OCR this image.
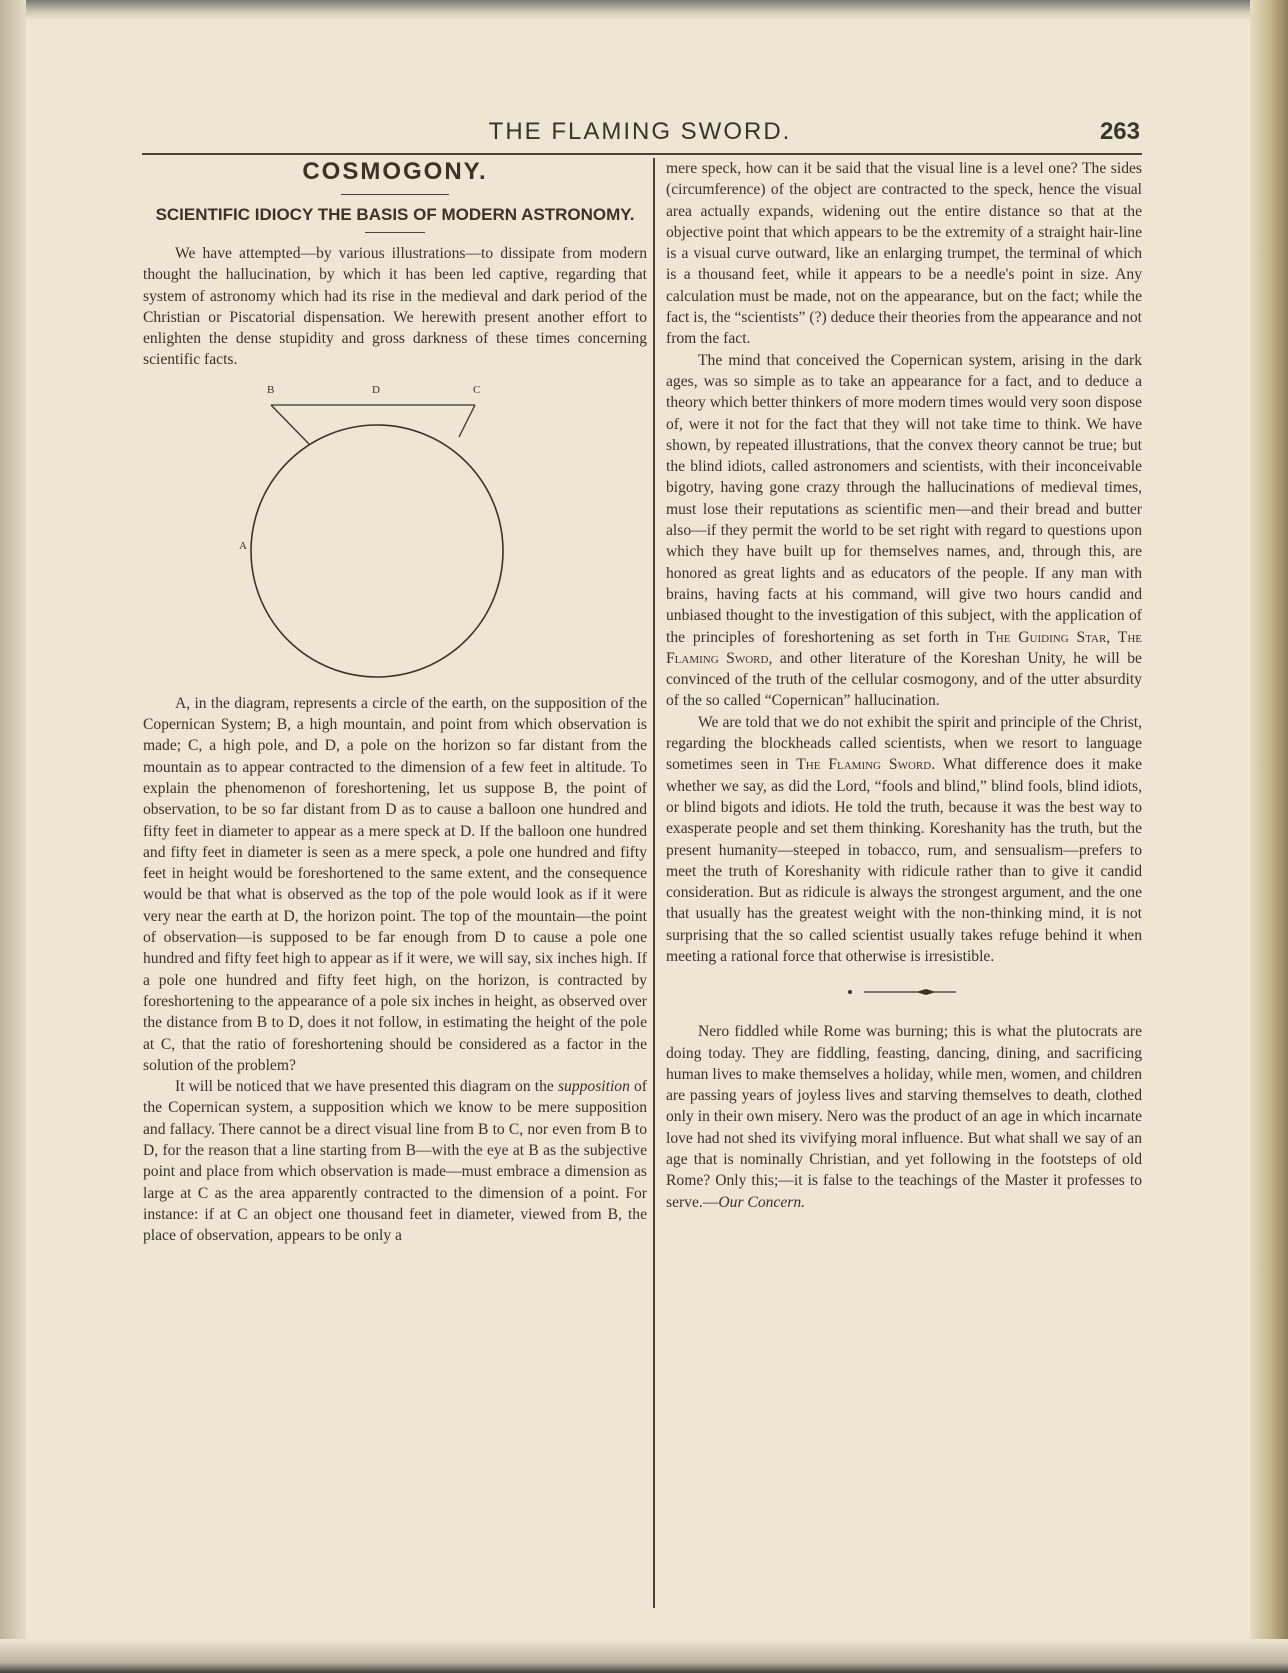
THE FLAMING SWORD.	263
COSMOGONY.
SCIENTIFIC IDIOCY THE BASIS OF MODERN ASTRONOMY.

We have attempted—by various illustrations—to dissipate from modern thought the hallucination, by which it has been led captive, regarding that system of astronomy which had its rise in the medieval and dark period of the Christian or Piscatorial dispensation. We herewith present another effort to enlighten the dense stupidity and gross darkness of these times concerning scientific facts.

B	D	C
A

A, in the diagram, represents a circle of the earth, on the supposition of the Copernican System; B, a high mountain, and point from which observation is made; C, a high pole, and D, a pole on the horizon so far distant from the mountain as to appear contracted to the dimension of a few feet in altitude. To explain the phenomenon of foreshortening, let us suppose B, the point of observation, to be so far distant from D as to cause a balloon one hundred and fifty feet in diameter to appear as a mere speck at D. If the balloon one hundred and fifty feet in diameter is seen as a mere speck, a pole one hundred and fifty feet in height would be foreshortened to the same extent, and the consequence would be that what is observed as the top of the pole would look as if it were very near the earth at D, the horizon point. The top of the mountain—the point of observation—is supposed to be far enough from D to cause a pole one hundred and fifty feet high to appear as if it were, we will say, six inches high. If a pole one hundred and fifty feet high, on the horizon, is contracted by foreshortening to the appearance of a pole six inches in height, as observed over the distance from B to D, does it not follow, in estimating the height of the pole at C, that the ratio of foreshortening should be considered as a factor in the solution of the problem?

It will be noticed that we have presented this diagram on the supposition of the Copernican system, a supposition which we know to be mere supposition and fallacy. There cannot be a direct visual line from B to C, nor even from B to D, for the reason that a line starting from B—with the eye at B as the subjective point and place from which observation is made—must embrace a dimension as large at C as the area apparently contracted to the dimension of a point. For instance: if at C an object one thousand feet in diameter, viewed from B, the place of observation, appears to be only a

mere speck, how can it be said that the visual line is a level one? The sides (circumference) of the object are contracted to the speck, hence the visual area actually expands, widening out the entire distance so that at the objective point that which appears to be the extremity of a straight hair-line is a visual curve outward, like an enlarging trumpet, the terminal of which is a thousand feet, while it appears to be a needle's point in size. Any calculation must be made, not on the appearance, but on the fact; while the fact is, the “scientists” (?) deduce their theories from the appearance and not from the fact.

The mind that conceived the Copernican system, arising in the dark ages, was so simple as to take an appearance for a fact, and to deduce a theory which better thinkers of more modern times would very soon dispose of, were it not for the fact that they will not take time to think. We have shown, by repeated illustrations, that the convex theory cannot be true; but the blind idiots, called astronomers and scientists, with their inconceivable bigotry, having gone crazy through the hallucinations of medieval times, must lose their reputations as scientific men—and their bread and butter also—if they permit the world to be set right with regard to questions upon which they have built up for themselves names, and, through this, are honored as great lights and as educators of the people. If any man with brains, having facts at his command, will give two hours candid and unbiased thought to the investigation of this subject, with the application of the principles of foreshortening as set forth in The Guiding Star, The Flaming Sword, and other literature of the Koreshan Unity, he will be convinced of the truth of the cellular cosmogony, and of the utter absurdity of the so called “Copernican” hallucination.

We are told that we do not exhibit the spirit and principle of the Christ, regarding the blockheads called scientists, when we resort to language sometimes seen in The Flaming Sword. What difference does it make whether we say, as did the Lord, “fools and blind,” blind fools, blind idiots, or blind bigots and idiots. He told the truth, because it was the best way to exasperate people and set them thinking. Koreshanity has the truth, but the present humanity—steeped in tobacco, rum, and sensualism—prefers to meet the truth of Koreshanity with ridicule rather than to give it candid consideration. But as ridicule is always the strongest argument, and the one that usually has the greatest weight with the non-thinking mind, it is not surprising that the so called scientist usually takes refuge behind it when meeting a rational force that otherwise is irresistible.

Nero fiddled while Rome was burning; this is what the plutocrats are doing today. They are fiddling, feasting, dancing, dining, and sacrificing human lives to make themselves a holiday, while men, women, and children are passing years of joyless lives and starving themselves to death, clothed only in their own misery. Nero was the product of an age in which incarnate love had not shed its vivifying moral influence. But what shall we say of an age that is nominally Christian, and yet following in the footsteps of old Rome? Only this;—it is false to the teachings of the Master it professes to serve.—Our Concern.
